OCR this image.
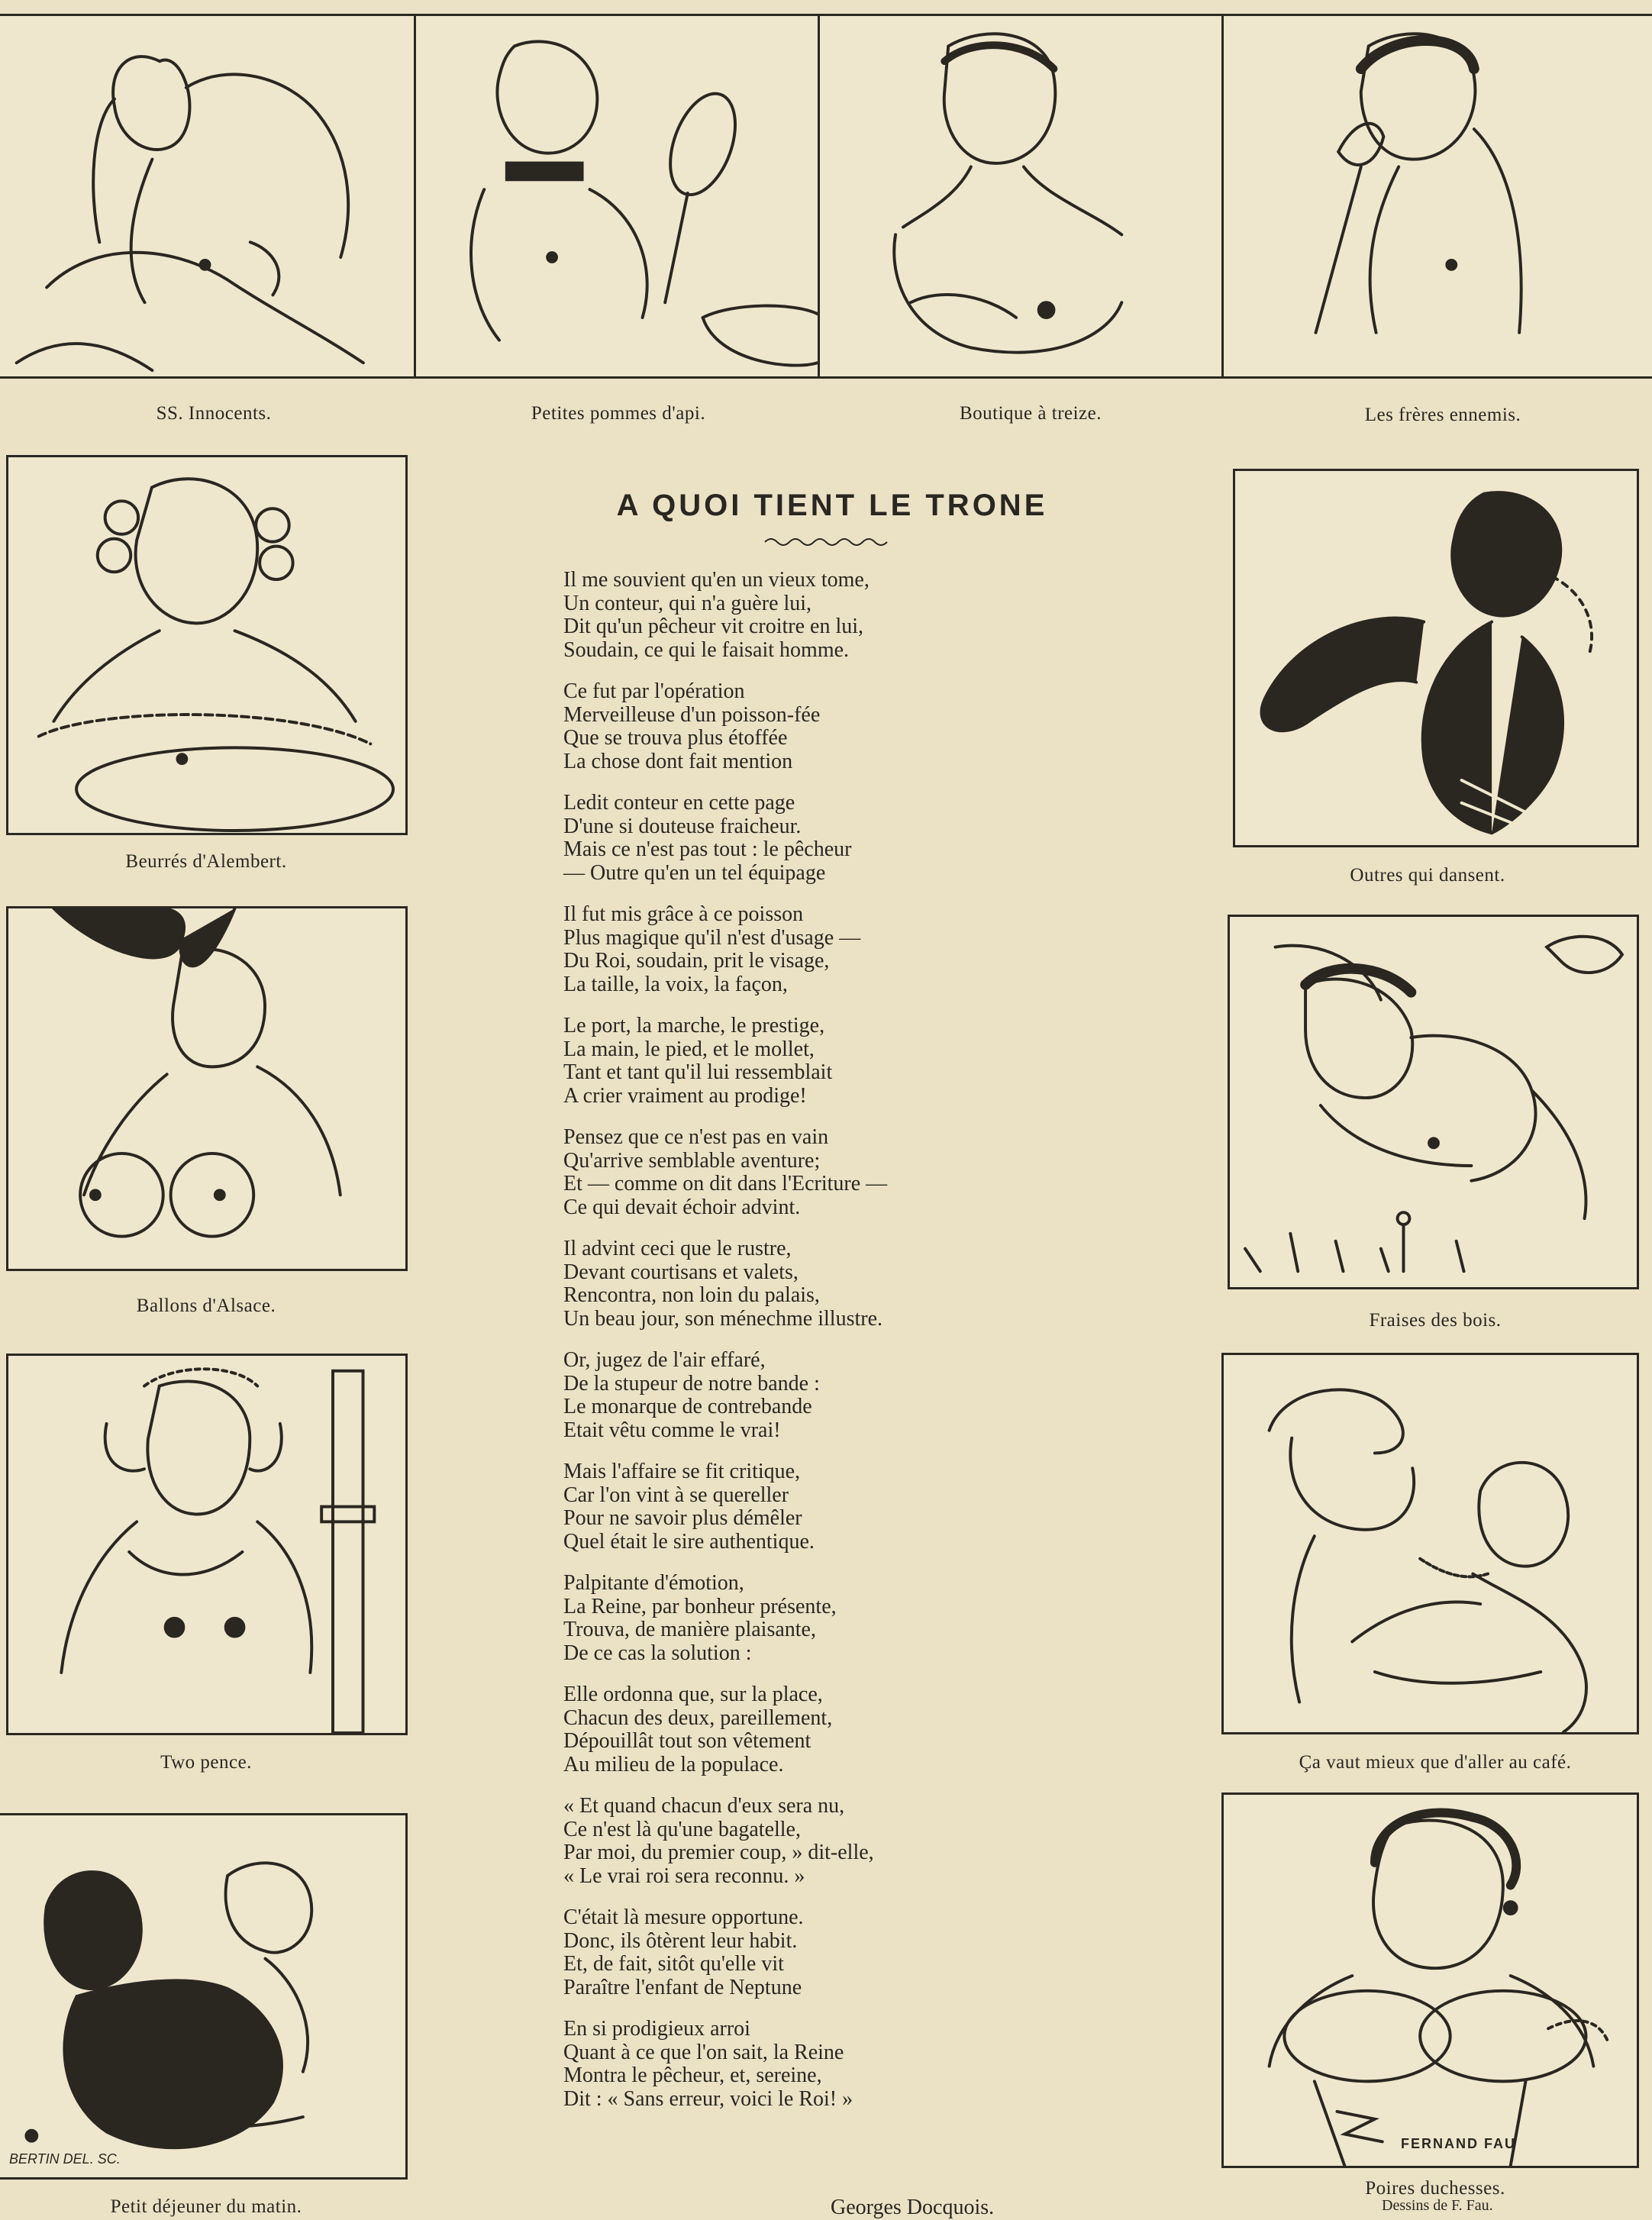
SS. Innocents.	Petites pommes d'api.	Boutique à treize.	Les frères ennemis.
Beurrés d'Alembert.
Ballons d'Alsace.
Two pence.
BERTIN DEL. SC.
Petit déjeuner du matin.
Outres qui dansent.
Fraises des bois.
Ça vaut mieux que d'aller au café.
FERNAND FAU
Poires duchesses.
A QUOI TIENT LE TRONE

Il me souvient qu'en un vieux tome,

Un conteur, qui n'a guère lui,

Dit qu'un pêcheur vit croitre en lui,

Soudain, ce qui le faisait homme.

Ce fut par l'opération

Merveilleuse d'un poisson-fée

Que se trouva plus étoffée

La chose dont fait mention

Ledit conteur en cette page

D'une si douteuse fraicheur.

Mais ce n'est pas tout : le pêcheur

— Outre qu'en un tel équipage

Il fut mis grâce à ce poisson

Plus magique qu'il n'est d'usage —

Du Roi, soudain, prit le visage,

La taille, la voix, la façon,

Le port, la marche, le prestige,

La main, le pied, et le mollet,

Tant et tant qu'il lui ressemblait

A crier vraiment au prodige!

Pensez que ce n'est pas en vain

Qu'arrive semblable aventure;

Et — comme on dit dans l'Ecriture —

Ce qui devait échoir advint.

Il advint ceci que le rustre,

Devant courtisans et valets,

Rencontra, non loin du palais,

Un beau jour, son ménechme illustre.

Or, jugez de l'air effaré,

De la stupeur de notre bande :

Le monarque de contrebande

Etait vêtu comme le vrai!

Mais l'affaire se fit critique,

Car l'on vint à se quereller

Pour ne savoir plus démêler

Quel était le sire authentique.

Palpitante d'émotion,

La Reine, par bonheur présente,

Trouva, de manière plaisante,

De ce cas la solution :

Elle ordonna que, sur la place,

Chacun des deux, pareillement,

Dépouillât tout son vêtement

Au milieu de la populace.

« Et quand chacun d'eux sera nu,

Ce n'est là qu'une bagatelle,

Par moi, du premier coup, » dit-elle,

« Le vrai roi sera reconnu. »

C'était là mesure opportune.

Donc, ils ôtèrent leur habit.

Et, de fait, sitôt qu'elle vit

Paraître l'enfant de Neptune

En si prodigieux arroi

Quant à ce que l'on sait, la Reine

Montra le pêcheur, et, sereine,

Dit : « Sans erreur, voici le Roi! »

Georges Docquois.	Dessins de F. Fau.
